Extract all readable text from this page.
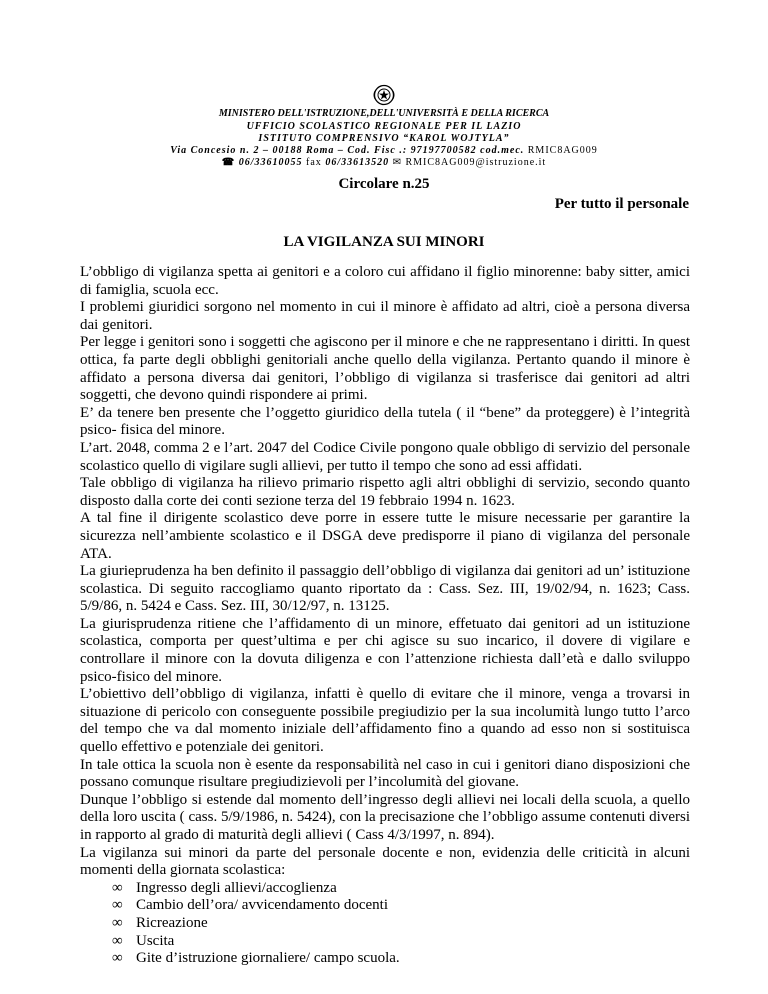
MINISTERO DELL'ISTRUZIONE,DELL'UNIVERSITÀ E DELLA RICERCA
UFFICIO SCOLASTICO REGIONALE PER IL LAZIO
ISTITUTO COMPRENSIVO “KAROL WOJTYLA”
Via Concesio n. 2 – 00188 Roma – Cod. Fisc .: 97197700582 cod.mec. RMIC8AG009
☎ 06/33610055 fax 06/33613520 ✉ RMIC8AG009@istruzione.it
Circolare n.25
Per tutto il personale
LA VIGILANZA SUI MINORI

L’obbligo di vigilanza spetta ai genitori e a coloro cui affidano il figlio minorenne: baby sitter, amici di famiglia, scuola ecc.

I problemi giuridici sorgono nel momento in cui il minore è affidato ad altri, cioè a persona diversa dai genitori.

Per legge i genitori sono i soggetti che agiscono per il minore e che ne rappresentano i diritti. In quest ottica, fa parte degli obblighi genitoriali anche quello della vigilanza. Pertanto quando il minore è affidato a persona diversa dai genitori, l’obbligo di vigilanza si trasferisce dai genitori ad altri soggetti, che devono quindi rispondere ai primi.

E’ da tenere ben presente che l’oggetto giuridico della tutela ( il “bene” da proteggere) è l’integrità psico- fisica del minore.

L’art. 2048, comma 2 e l’art. 2047 del Codice Civile pongono quale obbligo di servizio del personale scolastico quello di vigilare sugli allievi, per tutto il tempo che sono ad essi affidati.

Tale obbligo di vigilanza ha rilievo primario rispetto agli altri obblighi di servizio, secondo quanto disposto dalla corte dei conti sezione terza del 19 febbraio 1994 n. 1623.

A tal fine il dirigente scolastico deve porre in essere tutte le misure necessarie per garantire la sicurezza nell’ambiente scolastico e il DSGA deve predisporre il piano di vigilanza del personale ATA.

La giurieprudenza ha ben definito il passaggio dell’obbligo di vigilanza dai genitori ad un’ istituzione scolastica. Di seguito raccogliamo quanto riportato da : Cass. Sez. III, 19/02/94, n. 1623; Cass. 5/9/86, n. 5424 e Cass. Sez. III, 30/12/97, n. 13125.

La giurisprudenza ritiene che l’affidamento di un minore, effetuato dai genitori ad un istituzione scolastica, comporta per quest’ultima e per chi agisce su suo incarico, il dovere di vigilare e controllare il minore con la dovuta diligenza e con l’attenzione richiesta dall’età e dallo sviluppo psico-fisico del minore.

L’obiettivo dell’obbligo di vigilanza, infatti è quello di evitare che il minore, venga a trovarsi in situazione di pericolo con conseguente possibile pregiudizio per la sua incolumità lungo tutto l’arco del tempo che va dal momento iniziale dell’affidamento fino a quando ad esso non si sostituisca quello effettivo e potenziale dei genitori.

In tale ottica la scuola non è esente da responsabilità nel caso in cui i genitori diano disposizioni che possano comunque risultare pregiudizievoli per l’incolumità del giovane.

Dunque l’obbligo si estende dal momento dell’ingresso degli allievi nei locali della scuola, a quello della loro uscita ( cass. 5/9/1986, n. 5424), con la precisazione che l’obbligo assume contenuti diversi in rapporto al grado di maturità degli allievi ( Cass 4/3/1997, n. 894).

La vigilanza sui minori da parte del personale docente e non, evidenzia delle criticità in alcuni momenti della giornata scolastica:

∞ Ingresso degli allievi/accoglienza
∞ Cambio dell’ora/ avvicendamento docenti
∞ Ricreazione
∞ Uscita
∞ Gite d’istruzione giornaliere/ campo scuola.
